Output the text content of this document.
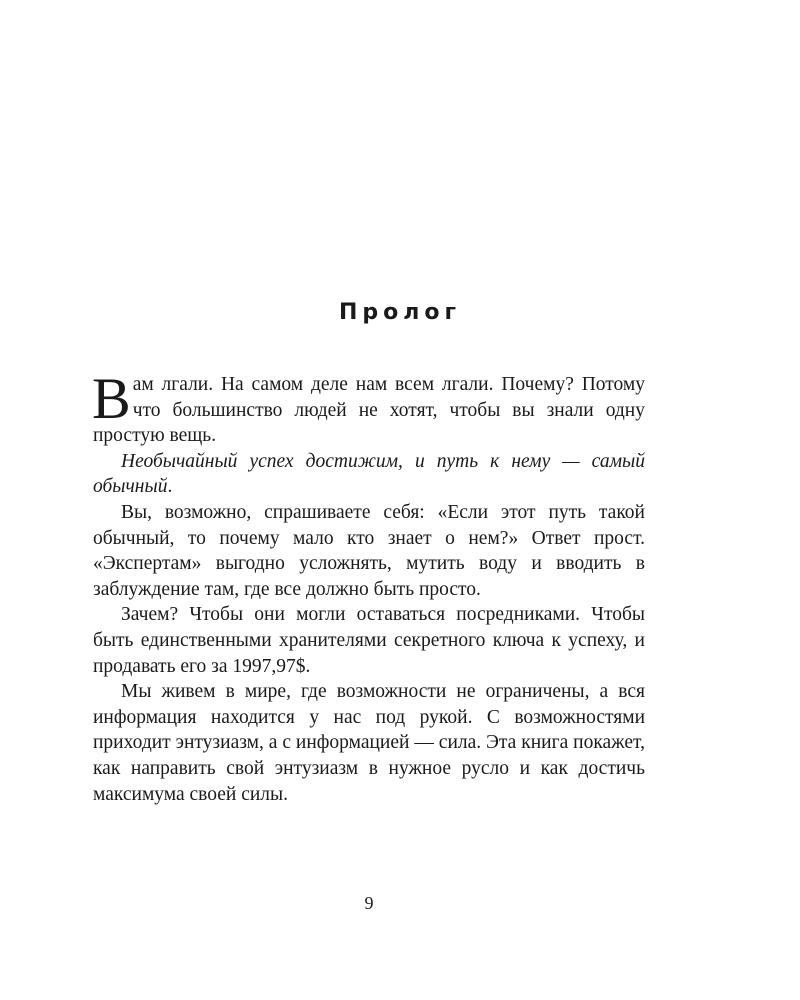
Пролог

Вам лгали. На самом деле нам всем лгали. Почему? Потому что большинство людей не хотят, чтобы вы знали одну простую вещь.

Необычайный успех достижим, и путь к нему — самый обычный.

Вы, возможно, спрашиваете себя: «Если этот путь такой обычный, то почему мало кто знает о нем?» Ответ прост. «Экспертам» выгодно усложнять, мутить воду и вводить в заблуждение там, где все должно быть просто.

Зачем? Чтобы они могли оставаться посредниками. Чтобы быть единственными хранителями секретного ключа к успеху, и продавать его за 1997,97$.

Мы живем в мире, где возможности не ограничены, а вся информация находится у нас под рукой. С возможностями приходит энтузиазм, а с информацией — сила. Эта книга покажет, как направить свой энтузиазм в нужное русло и как достичь максимума своей силы.

9
